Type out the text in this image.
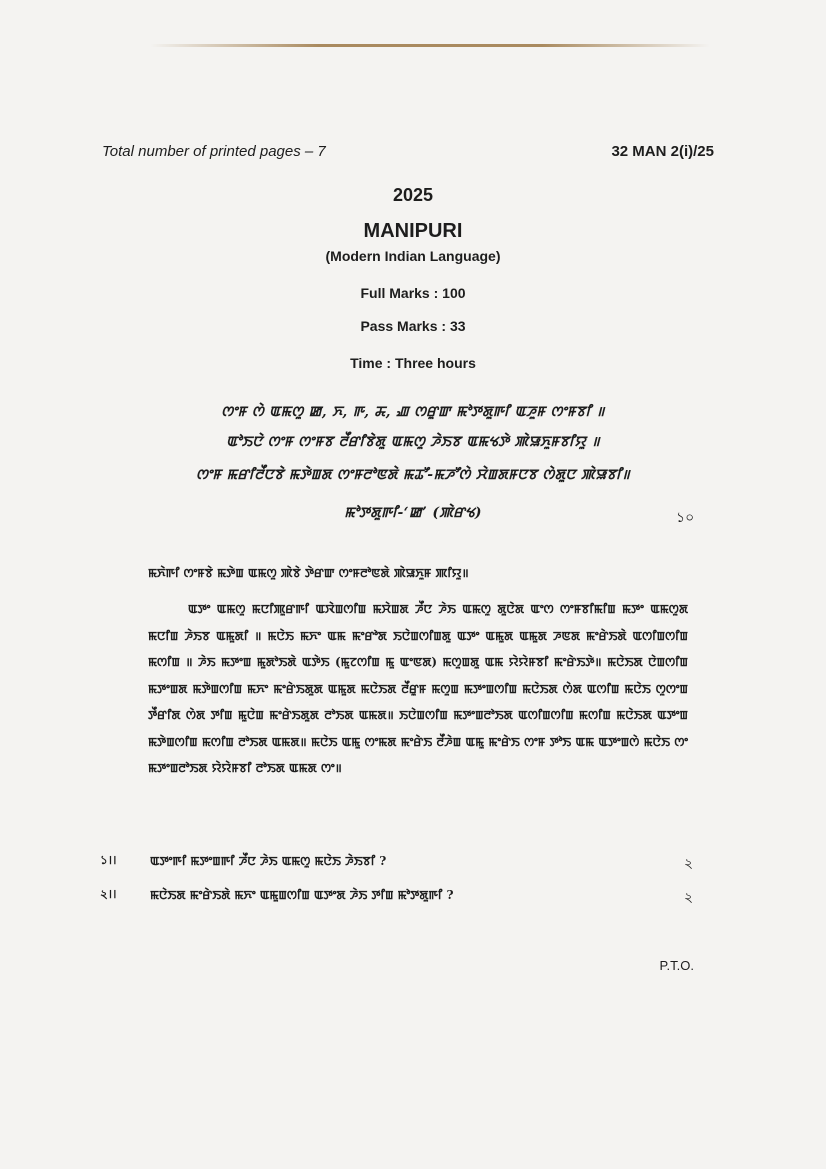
Total number of printed pages – 7	32 MAN 2(i)/25
2025
MANIPURI
(Modern Indian Language)
Full Marks : 100
Pass Marks : 33
Time : Three hours
ꯁꯦꯝ ꯁꯥ ꯑꯃꯁꯨ ꯀ, ꯈ, ꯒ, ꯘ, ꯉ ꯁꯔꯨꯛ ꯃꯣꯇꯗꯨꯒꯤ ꯑꯍꯨꯝ ꯁꯦꯝꯕꯤ ॥
ꯑꯣꯏꯅꯥ ꯁꯦꯝ ꯁꯦꯝꯕ ꯂꯩꯔꯤꯕꯥꯗꯨ ꯑꯃꯁꯨ ꯍꯥꯏꯕ ꯑꯃꯠꯇꯥ ꯄꯥꯎꯈꯨꯝꯕꯤꯌꯨ ॥
ꯁꯦꯝ ꯃꯔꯤꯂꯩꯅꯕꯥ ꯃꯇꯥꯡꯗ ꯁꯦꯝꯂꯣꯟꯗꯥ ꯃꯊꯧ-ꯃꯍꯧꯁꯥ ꯆꯥꯡꯗꯝꯅꯕ ꯁꯥꯗꯨꯅ ꯄꯥꯎꯕꯤ॥
ꯃꯣꯇꯗꯨꯒꯤ-‘ꯀ’ (ꯄꯥꯔꯠ)	১০
ꯃꯈꯥꯒꯤ ꯁꯦꯝꯕꯥ ꯃꯇꯥꯡ ꯑꯃꯁꯨ ꯄꯥꯕꯥ ꯇꯥꯔꯛ ꯁꯦꯝꯂꯣꯟꯗꯥ ꯄꯥꯎꯈꯨꯝ ꯄꯤꯌꯨ॥

ꯑꯇꯦ ꯑꯃꯁꯨ ꯃꯅꯤꯄꯨꯔꯒꯤ ꯑꯋꯥꯡꯁꯤꯡ ꯃꯆꯥꯡꯗ ꯍꯩꯅ ꯍꯥꯏ ꯑꯃꯁꯨ ꯗꯨꯅꯥꯗ ꯑꯦꯁ ꯁꯦꯝꯕꯤꯃꯤꯡ ꯃꯇꯦ ꯑꯃꯁꯨꯗ ꯃꯅꯤꯡ ꯍꯥꯏꯕ ꯑꯃꯨꯗꯤ ॥ ꯃꯅꯥꯏ ꯃꯈꯦ ꯑꯃ ꯃꯦꯔꯣꯗ ꯏꯅꯥꯡꯁꯤꯡꯗꯨ ꯑꯇꯦ ꯑꯃꯨꯗ ꯑꯃꯨꯗ ꯍꯟꯗ ꯃꯦꯔꯥꯏꯗꯥ ꯑꯁꯤꯡꯁꯤꯡ ꯃꯁꯤꯡ ॥ ꯍꯥꯏ ꯃꯇꯦꯡ ꯃꯨꯗꯣꯏꯗꯥ ꯑꯇꯥꯏ (ꯃꯨꯖꯁꯤꯡ ꯃꯨ ꯑꯦꯟꯗ) ꯃꯁꯨꯡꯗꯨ ꯑꯃ ꯌꯥꯌꯥꯝꯕꯤ ꯃꯦꯔꯥꯏꯇꯥ॥ ꯃꯅꯥꯏꯗ ꯅꯥꯡꯁꯤꯡ ꯃꯇꯦꯡꯗ ꯃꯇꯥꯡꯁꯤꯡ ꯃꯈꯦ ꯃꯦꯔꯥꯏꯗꯨꯗ ꯑꯃꯨꯗ ꯃꯅꯥꯏꯗ ꯂꯩꯔꯨꯝ ꯃꯁꯨꯡ ꯃꯇꯦꯡꯁꯤꯡ ꯃꯅꯥꯏꯗ ꯁꯥꯗ ꯑꯁꯤꯡ ꯃꯅꯥꯏ ꯁꯨꯁꯦꯡ ꯇꯩꯔꯤꯗ ꯁꯥꯗ ꯇꯤꯡ ꯃꯨꯅꯥꯡ ꯃꯦꯔꯥꯏꯗꯨꯗ ꯂꯣꯏꯗ ꯑꯃꯗ॥ ꯏꯅꯥꯡꯁꯤꯡ ꯃꯇꯦꯡꯂꯣꯏꯗ ꯑꯁꯤꯡꯁꯤꯡ ꯃꯁꯤꯡ ꯃꯅꯥꯏꯗ ꯑꯇꯦꯡ ꯃꯇꯥꯡꯁꯤꯡ ꯃꯁꯤꯡ ꯂꯣꯏꯗ ꯑꯃꯗ॥ ꯃꯅꯥꯏ ꯑꯃꯨ ꯁꯦꯃꯗ ꯃꯦꯔꯥꯏ ꯂꯩꯍꯥꯡ ꯑꯃꯨ ꯃꯦꯔꯥꯏ ꯁꯦꯝ ꯇꯣꯏ ꯑꯃ ꯑꯇꯦꯡꯁꯥ ꯃꯅꯥꯏ ꯁꯦ ꯃꯇꯦꯡꯂꯣꯏꯗ ꯌꯥꯌꯥꯝꯕꯤ ꯂꯣꯏꯗ ꯑꯃꯗ ꯁꯦ॥

১।।	ꯑꯇꯦꯒꯤ ꯃꯇꯦꯡꯒꯤ ꯍꯩꯅ ꯍꯥꯏ ꯑꯃꯁꯨ ꯃꯅꯥꯏ ꯍꯥꯏꯕꯤ ?	২
২।।	ꯃꯅꯥꯏꯗ ꯃꯦꯔꯥꯏꯗꯥ ꯃꯈꯦ ꯑꯃꯨꯡꯁꯤꯡ ꯑꯇꯦꯗ ꯍꯥꯏ ꯇꯤꯡ ꯃꯣꯇꯗꯨꯒꯤ ?	২
P.T.O.
